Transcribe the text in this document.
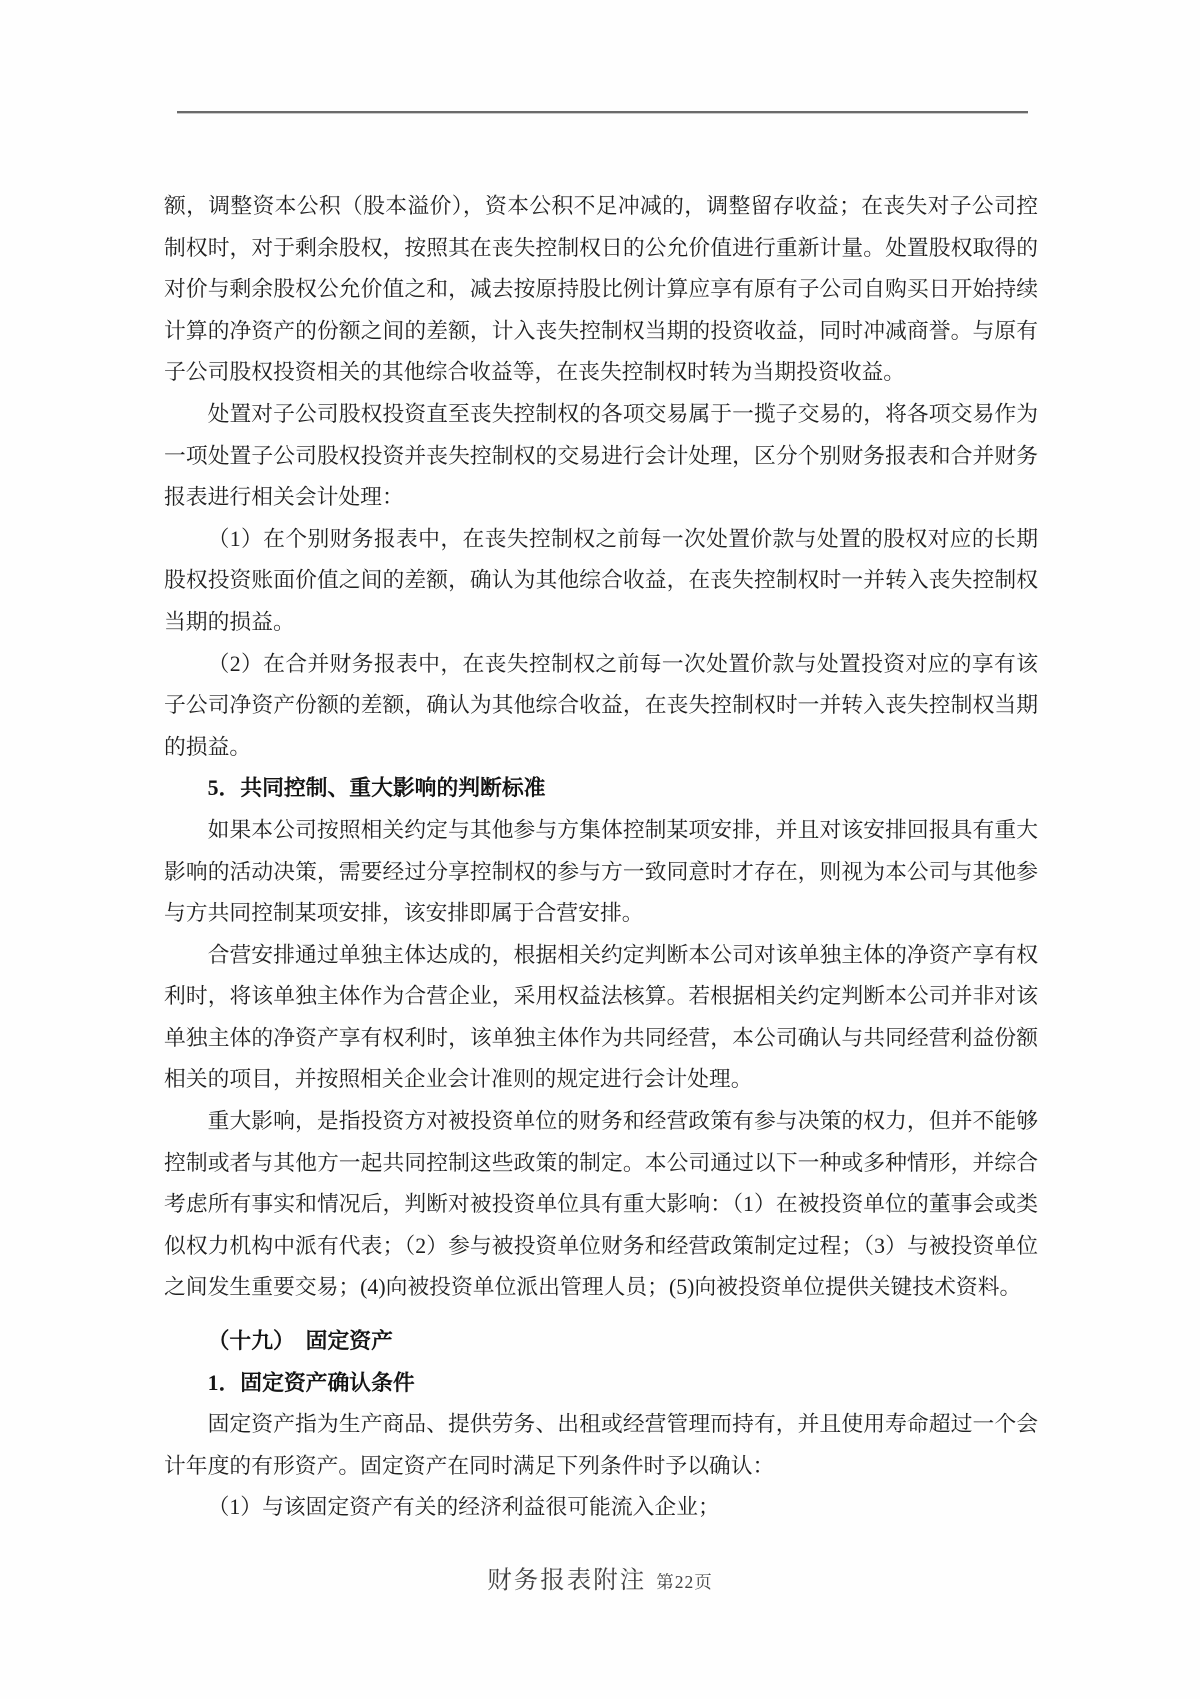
额，调整资本公积（股本溢价），资本公积不足冲减的，调整留存收益；在丧失对子公司控制权时，对于剩余股权，按照其在丧失控制权日的公允价值进行重新计量。处置股权取得的对价与剩余股权公允价值之和，减去按原持股比例计算应享有原有子公司自购买日开始持续计算的净资产的份额之间的差额，计入丧失控制权当期的投资收益，同时冲减商誉。与原有子公司股权投资相关的其他综合收益等，在丧失控制权时转为当期投资收益。

处置对子公司股权投资直至丧失控制权的各项交易属于一揽子交易的，将各项交易作为一项处置子公司股权投资并丧失控制权的交易进行会计处理，区分个别财务报表和合并财务报表进行相关会计处理：

（1）在个别财务报表中，在丧失控制权之前每一次处置价款与处置的股权对应的长期股权投资账面价值之间的差额，确认为其他综合收益，在丧失控制权时一并转入丧失控制权当期的损益。

（2）在合并财务报表中，在丧失控制权之前每一次处置价款与处置投资对应的享有该子公司净资产份额的差额，确认为其他综合收益，在丧失控制权时一并转入丧失控制权当期的损益。

5．共同控制、重大影响的判断标准

如果本公司按照相关约定与其他参与方集体控制某项安排，并且对该安排回报具有重大影响的活动决策，需要经过分享控制权的参与方一致同意时才存在，则视为本公司与其他参与方共同控制某项安排，该安排即属于合营安排。

合营安排通过单独主体达成的，根据相关约定判断本公司对该单独主体的净资产享有权利时，将该单独主体作为合营企业，采用权益法核算。若根据相关约定判断本公司并非对该单独主体的净资产享有权利时，该单独主体作为共同经营，本公司确认与共同经营利益份额相关的项目，并按照相关企业会计准则的规定进行会计处理。

重大影响，是指投资方对被投资单位的财务和经营政策有参与决策的权力，但并不能够控制或者与其他方一起共同控制这些政策的制定。本公司通过以下一种或多种情形，并综合考虑所有事实和情况后，判断对被投资单位具有重大影响：（1）在被投资单位的董事会或类似权力机构中派有代表；（2）参与被投资单位财务和经营政策制定过程；（3）与被投资单位之间发生重要交易；(4)向被投资单位派出管理人员；(5)向被投资单位提供关键技术资料。

（十九）　固定资产

1．固定资产确认条件

固定资产指为生产商品、提供劳务、出租或经营管理而持有，并且使用寿命超过一个会计年度的有形资产。固定资产在同时满足下列条件时予以确认：

（1）与该固定资产有关的经济利益很可能流入企业；

财务报表附注 第22页
